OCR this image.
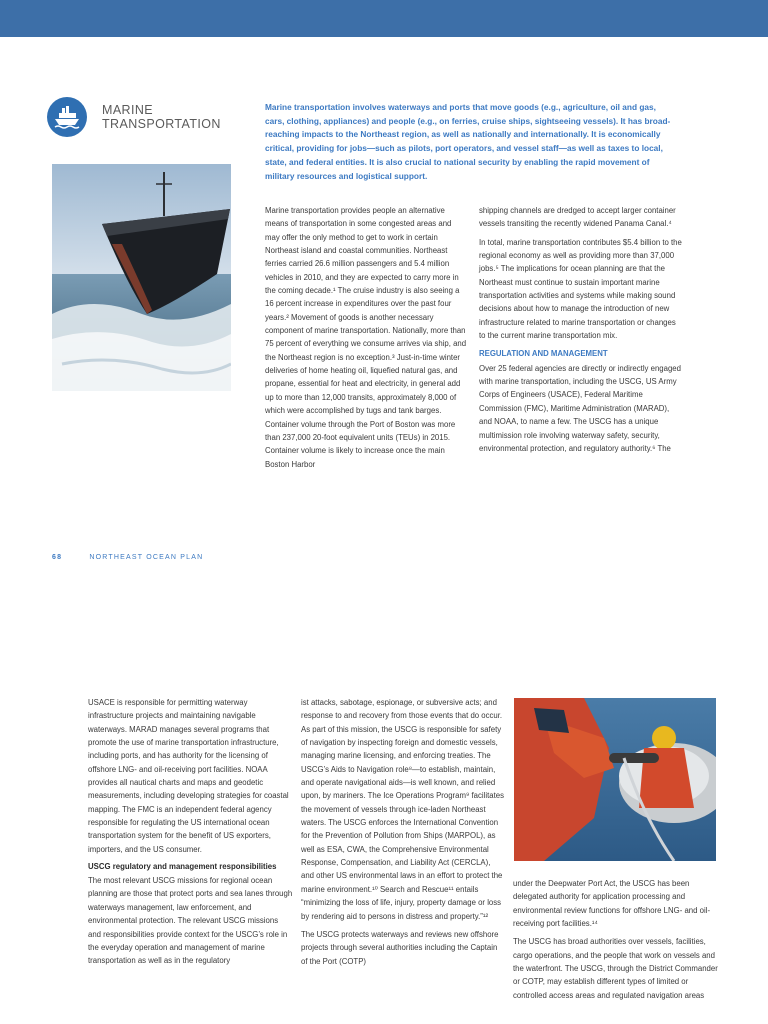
MARINE
TRANSPORTATION

Marine transportation involves waterways and ports that move goods (e.g., agriculture, oil and gas, cars, clothing, appliances) and people (e.g., on ferries, cruise ships, sightseeing vessels). It has broad-reaching impacts to the Northeast region, as well as nationally and internationally. It is economically critical, providing for jobs—such as pilots, port operators, and vessel staff—as well as taxes to local, state, and federal entities. It is also crucial to national security by enabling the rapid movement of military resources and logistical support.

Marine transportation provides people an alternative means of transportation in some congested areas and may offer the only method to get to work in certain Northeast island and coastal communities. Northeast ferries carried 26.6 million passengers and 5.4 million vehicles in 2010, and they are expected to carry more in the coming decade.¹ The cruise industry is also seeing a 16 percent increase in expenditures over the past four years.² Movement of goods is another necessary component of marine transportation. Nationally, more than 75 percent of everything we consume arrives via ship, and the Northeast region is no exception.³ Just-in-time winter deliveries of home heating oil, liquefied natural gas, and propane, essential for heat and electricity, in general add up to more than 12,000 transits, approximately 8,000 of which were accomplished by tugs and tank barges. Container volume through the Port of Boston was more than 237,000 20-foot equivalent units (TEUs) in 2015. Container volume is likely to increase once the main Boston Harbor

shipping channels are dredged to accept larger container vessels transiting the recently widened Panama Canal.⁴

In total, marine transportation contributes $5.4 billion to the regional economy as well as providing more than 37,000 jobs.⁵ The implications for ocean planning are that the Northeast must continue to sustain important marine transportation activities and systems while making sound decisions about how to manage the introduction of new infrastructure related to marine transportation or changes to the current marine transportation mix.

REGULATION AND MANAGEMENT

Over 25 federal agencies are directly or indirectly engaged with marine transportation, including the USCG, US Army Corps of Engineers (USACE), Federal Maritime Commission (FMC), Maritime Administration (MARAD), and NOAA, to name a few. The USCG has a unique multimission role involving waterway safety, security, environmental protection, and regulatory authority.⁶ The

68	NORTHEAST OCEAN PLAN

USACE is responsible for permitting waterway infrastructure projects and maintaining navigable waterways. MARAD manages several programs that promote the use of marine transportation infrastructure, including ports, and has authority for the licensing of offshore LNG- and oil-receiving port facilities. NOAA provides all nautical charts and maps and geodetic measurements, including developing strategies for coastal mapping. The FMC is an independent federal agency responsible for regulating the US international ocean transportation system for the benefit of US exporters, importers, and the US consumer.

USCG regulatory and management responsibilities

The most relevant USCG missions for regional ocean planning are those that protect ports and sea lanes through waterways management, law enforcement, and environmental protection. The relevant USCG missions and responsibilities provide context for the USCG’s role in the everyday operation and management of marine transportation as well as in the regulatory

ist attacks, sabotage, espionage, or subversive acts; and response to and recovery from those events that do occur. As part of this mission, the USCG is responsible for safety of navigation by inspecting foreign and domestic vessels, managing marine licensing, and enforcing treaties. The USCG’s Aids to Navigation role⁸—to establish, maintain, and operate navigational aids—is well known, and relied upon, by mariners. The Ice Operations Program⁹ facilitates the movement of vessels through ice-laden Northeast waters. The USCG enforces the International Convention for the Prevention of Pollution from Ships (MARPOL), as well as ESA, CWA, the Comprehensive Environmental Response, Compensation, and Liability Act (CERCLA), and other US environmental laws in an effort to protect the marine environment.¹⁰ Search and Rescue¹¹ entails “minimizing the loss of life, injury, property damage or loss by rendering aid to persons in distress and property.”¹²

The USCG protects waterways and reviews new offshore projects through several authorities including the Captain of the Port (COTP)

under the Deepwater Port Act, the USCG has been delegated authority for application processing and environmental review functions for offshore LNG- and oil-receiving port facilities.¹⁴

The USCG has broad authorities over vessels, facilities, cargo operations, and the people that work on vessels and the waterfront. The USCG, through the District Commander or COTP, may establish different types of limited or controlled access areas and regulated navigation areas
